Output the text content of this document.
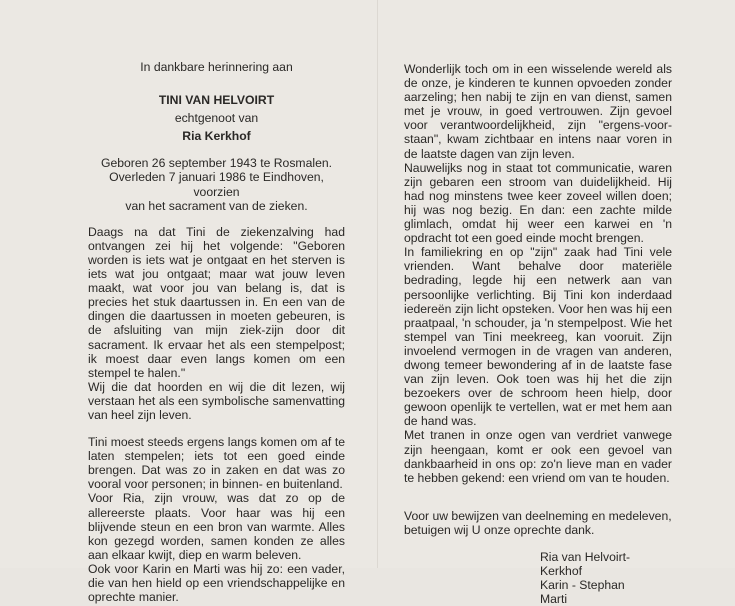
In dankbare herinnering aan

TINI VAN HELVOIRT

echtgenoot van

Ria Kerkhof

Geboren 26 september 1943 te Rosmalen.

Overleden 7 januari 1986 te Eindhoven, voorzien

van het sacrament van de zieken.

Daags na dat Tini de ziekenzalving had ontvangen zei hij het volgende: "Geboren worden is iets wat je ontgaat en het sterven is iets wat jou ontgaat; maar wat jouw leven maakt, wat voor jou van belang is, dat is precies het stuk daartussen in. En een van de dingen die daartussen in moeten gebeuren, is de afsluiting van mijn ziek-zijn door dit sacrament. Ik ervaar het als een stempelpost; ik moest daar even langs komen om een stempel te halen."

Wij die dat hoorden en wij die dit lezen, wij verstaan het als een symbolische samenvatting van heel zijn leven.

Tini moest steeds ergens langs komen om af te laten stempelen; iets tot een goed einde brengen. Dat was zo in zaken en dat was zo vooral voor personen; in binnen- en buitenland.

Voor Ria, zijn vrouw, was dat zo op de allereerste plaats. Voor haar was hij een blijvende steun en een bron van warmte. Alles kon gezegd worden, samen konden ze alles aan elkaar kwijt, diep en warm beleven.

Ook voor Karin en Marti was hij zo: een vader, die van hen hield op een vriendschappelijke en oprechte manier.

Wonderlijk toch om in een wisselende wereld als de onze, je kinderen te kunnen opvoeden zonder aarzeling; hen nabij te zijn en van dienst, samen met je vrouw, in goed vertrouwen. Zijn gevoel voor verantwoordelijkheid, zijn "ergens-voor-staan", kwam zichtbaar en intens naar voren in de laatste dagen van zijn leven.

Nauwelijks nog in staat tot communicatie, waren zijn gebaren een stroom van duidelijkheid. Hij had nog minstens twee keer zoveel willen doen; hij was nog bezig. En dan: een zachte milde glimlach, omdat hij weer een karwei en 'n opdracht tot een goed einde mocht brengen.

In familiekring en op "zijn" zaak had Tini vele vrienden. Want behalve door materiële bedrading, legde hij een netwerk aan van persoonlijke verlichting. Bij Tini kon inderdaad iedereën zijn licht opsteken. Voor hen was hij een praatpaal, 'n schouder, ja 'n stempelpost. Wie het stempel van Tini meekreeg, kan vooruit. Zijn invoelend vermogen in de vragen van anderen, dwong temeer bewondering af in de laatste fase van zijn leven. Ook toen was hij het die zijn bezoekers over de schroom heen hielp, door gewoon openlijk te vertellen, wat er met hem aan de hand was.

Met tranen in onze ogen van verdriet vanwege zijn heengaan, komt er ook een gevoel van dankbaarheid in ons op: zo'n lieve man en vader te hebben gekend: een vriend om van te houden.

Voor uw bewijzen van deelneming en medeleven,

betuigen wij U onze oprechte dank.

Ria van Helvoirt-Kerkhof

Karin - Stephan

Marti
